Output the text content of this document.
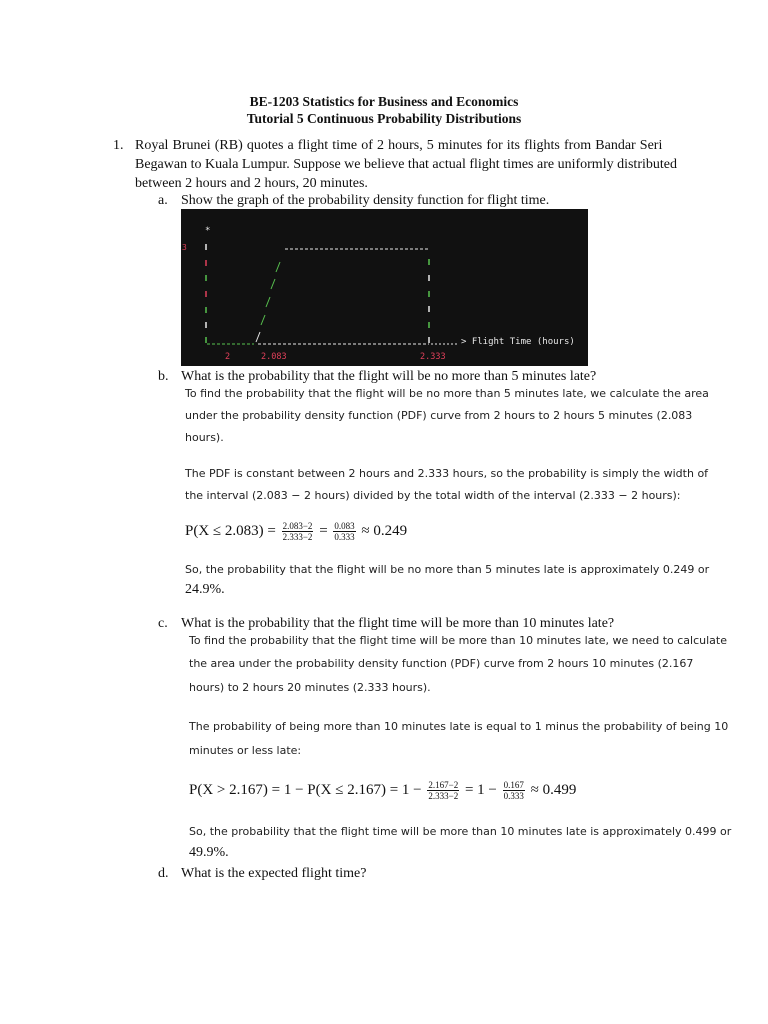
BE-1203 Statistics for Business and Economics
Tutorial 5 Continuous Probability Distributions
1. Royal Brunei (RB) quotes a flight time of 2 hours, 5 minutes for its flights from Bandar Seri
Begawan to Kuala Lumpur. Suppose we believe that actual flight times are uniformly distributed
between 2 hours and 2 hours, 20 minutes.
a. Show the graph of the probability density function for flight time.
*
3
> Flight Time (hours)
2	2.083	2.333
b. What is the probability that the flight will be no more than 5 minutes late?
To find the probability that the flight will be no more than 5 minutes late, we calculate the area
under the probability density function (PDF) curve from 2 hours to 2 hours 5 minutes (2.083
hours).
The PDF is constant between 2 hours and 2.333 hours, so the probability is simply the width of
the interval (2.083 − 2 hours) divided by the total width of the interval (2.333 − 2 hours):
$P(X \le 2.083) = \frac{2.083-2}{2.333-2} = \frac{0.083}{0.333} \approx 0.249$
So, the probability that the flight will be no more than 5 minutes late is approximately 0.249 or
24.9%.
c. What is the probability that the flight time will be more than 10 minutes late?
To find the probability that the flight time will be more than 10 minutes late, we need to calculate
the area under the probability density function (PDF) curve from 2 hours 10 minutes (2.167
hours) to 2 hours 20 minutes (2.333 hours).
The probability of being more than 10 minutes late is equal to 1 minus the probability of being 10
minutes or less late:
$P(X > 2.167) = 1 - P(X \le 2.167) = 1 - \frac{2.167-2}{2.333-2} = 1 - \frac{0.167}{0.333} \approx 0.499$
So, the probability that the flight time will be more than 10 minutes late is approximately 0.499 or
49.9%.
d. What is the expected flight time?
